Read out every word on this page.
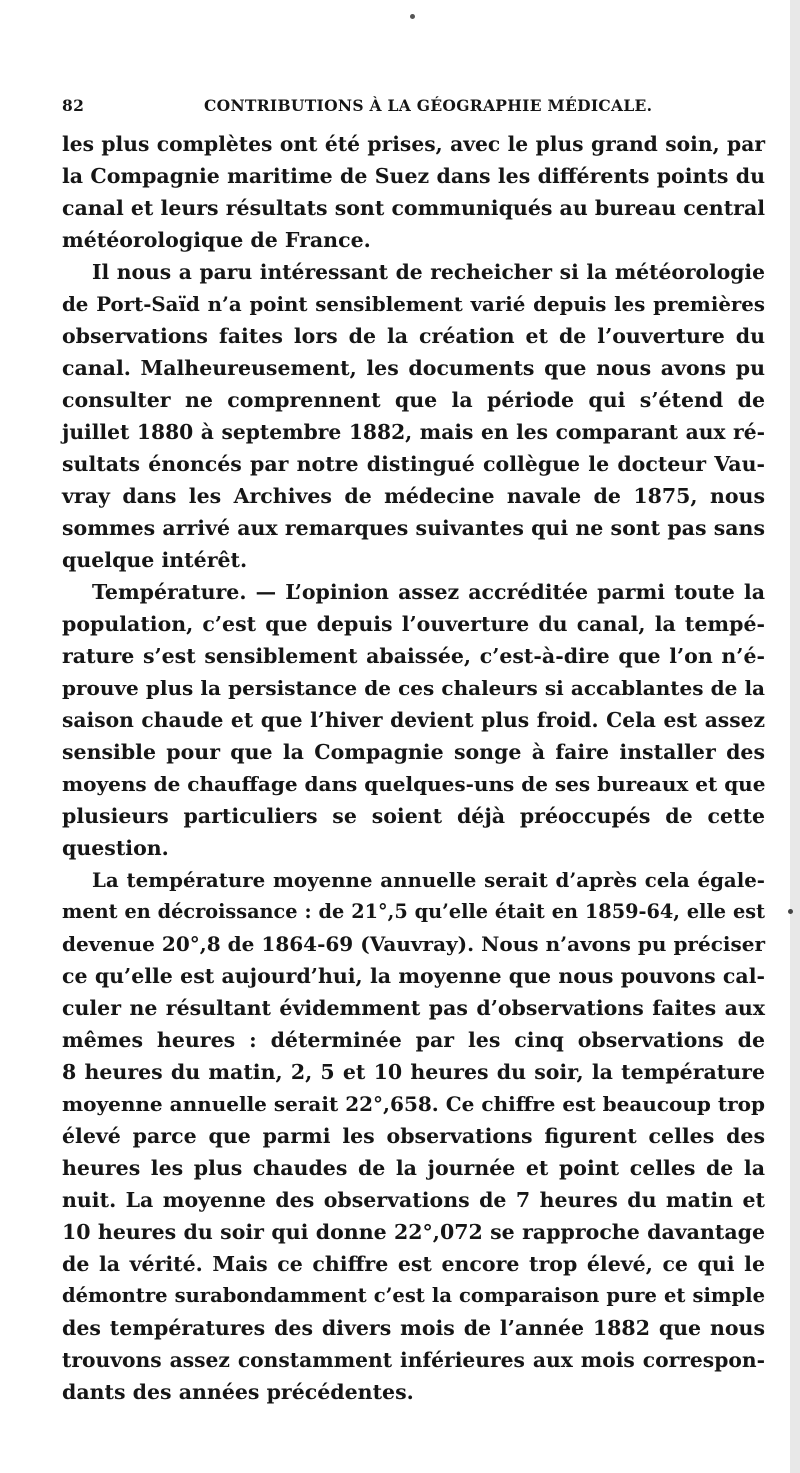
82	CONTRIBUTIONS À LA GÉOGRAPHIE MÉDICALE.
les plus complètes ont été prises, avec le plus grand soin, par
la Compagnie maritime de Suez dans les différents points du
canal et leurs résultats sont communiqués au bureau central
météorologique de France.
Il nous a paru intéressant de recheicher si la météorologie
de Port-Saïd n’a point sensiblement varié depuis les premières
observations faites lors de la création et de l’ouverture du
canal. Malheureusement, les documents que nous avons pu
consulter ne comprennent que la période qui s’étend de
juillet 1880 à septembre 1882, mais en les comparant aux ré-
sultats énoncés par notre distingué collègue le docteur Vau-
vray dans les Archives de médecine navale de 1875, nous
sommes arrivé aux remarques suivantes qui ne sont pas sans
quelque intérêt.
Température. — L’opinion assez accréditée parmi toute la
population, c’est que depuis l’ouverture du canal, la tempé-
rature s’est sensiblement abaissée, c’est-à-dire que l’on n’é-
prouve plus la persistance de ces chaleurs si accablantes de la
saison chaude et que l’hiver devient plus froid. Cela est assez
sensible pour que la Compagnie songe à faire installer des
moyens de chauffage dans quelques-uns de ses bureaux et que
plusieurs particuliers se soient déjà préoccupés de cette
question.
La température moyenne annuelle serait d’après cela égale-
ment en décroissance : de 21°,5 qu’elle était en 1859-64, elle est
devenue 20°,8 de 1864-69 (Vauvray). Nous n’avons pu préciser
ce qu’elle est aujourd’hui, la moyenne que nous pouvons cal-
culer ne résultant évidemment pas d’observations faites aux
mêmes heures : déterminée par les cinq observations de
8 heures du matin, 2, 5 et 10 heures du soir, la température
moyenne annuelle serait 22°,658. Ce chiffre est beaucoup trop
élevé parce que parmi les observations figurent celles des
heures les plus chaudes de la journée et point celles de la
nuit. La moyenne des observations de 7 heures du matin et
10 heures du soir qui donne 22°,072 se rapproche davantage
de la vérité. Mais ce chiffre est encore trop élevé, ce qui le
démontre surabondamment c’est la comparaison pure et simple
des températures des divers mois de l’année 1882 que nous
trouvons assez constamment inférieures aux mois correspon-
dants des années précédentes.
